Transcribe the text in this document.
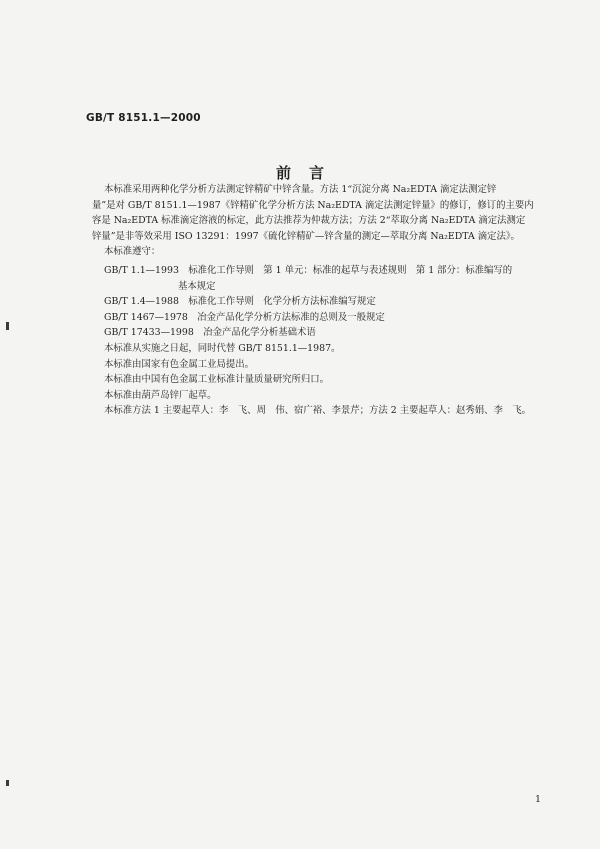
GB/T 8151.1—2000
前言
本标准采用两种化学分析方法测定锌精矿中锌含量。方法 1“沉淀分离 Na₂EDTA 滴定法测定锌
量”是对 GB/T 8151.1—1987《锌精矿化学分析方法 Na₂EDTA 滴定法测定锌量》的修订，修订的主要内
容是 Na₂EDTA 标准滴定溶液的标定，此方法推荐为仲裁方法；方法 2“萃取分离 Na₂EDTA 滴定法测定
锌量”是非等效采用 ISO 13291：1997《硫化锌精矿—锌含量的测定—萃取分离 Na₂EDTA 滴定法》。
本标准遵守：
GB/T 1.1—1993　标准化工作导则　第 1 单元：标准的起草与表述规则　第 1 部分：标准编写的
基本规定
GB/T 1.4—1988　标准化工作导则　化学分析方法标准编写规定
GB/T 1467—1978　冶金产品化学分析方法标准的总则及一般规定
GB/T 17433—1998　冶金产品化学分析基础术语
本标准从实施之日起，同时代替 GB/T 8151.1—1987。
本标准由国家有色金属工业局提出。
本标准由中国有色金属工业标准计量质量研究所归口。
本标准由葫芦岛锌厂起草。
本标准方法 1 主要起草人：李　飞、周　伟、宿广裕、李景芹；方法 2 主要起草人：赵秀娟、李　飞。
1
